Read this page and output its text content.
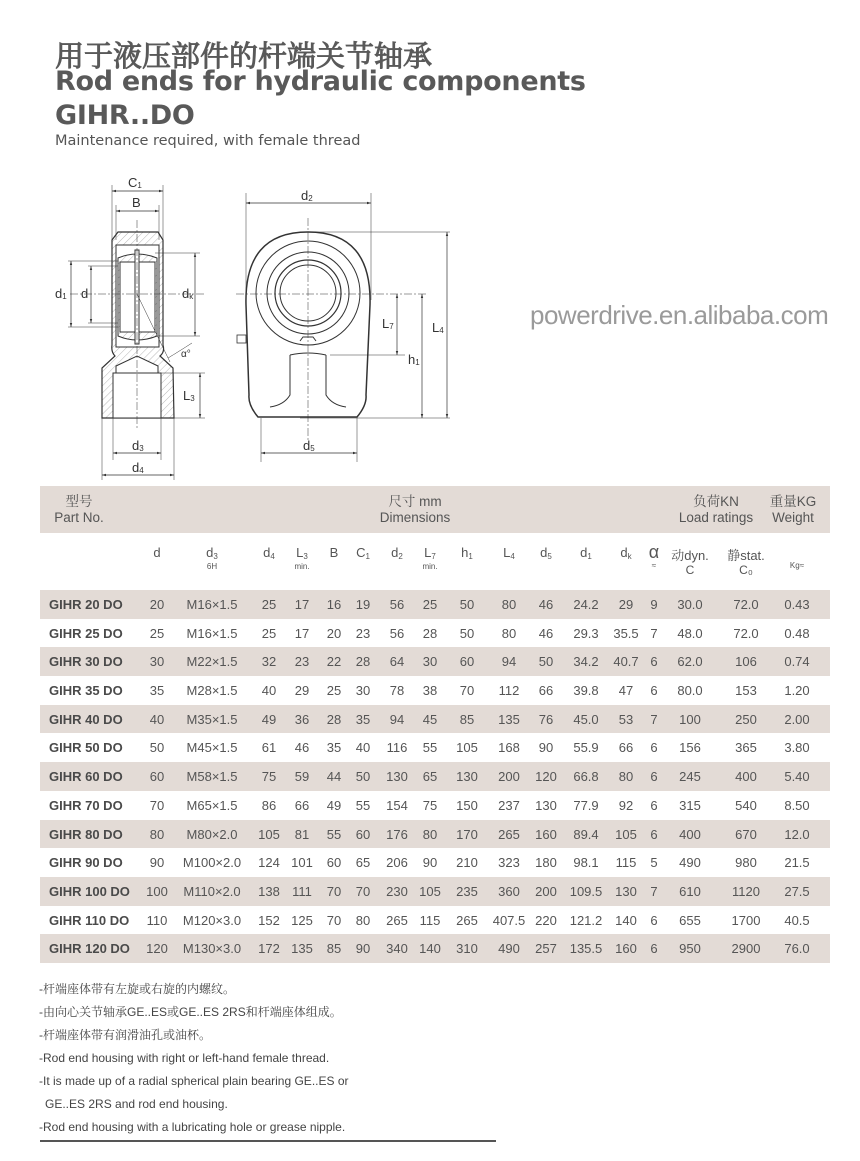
用于液压部件的杆端关节轴承
Rod ends for hydraulic components
GIHR..DO
Maintenance required, with female thread
C1
B
d1 d	dk
α°
L3
d3
d4
d2
L7	L4
h1
d5
powerdrive.en.alibaba.com
型号
Part No.
尺寸 mm
Dimensions
负荷KN
Load ratings
重量KG
Weight
d	d3
6H
d4 L3
min.
B C1 d2 L7
min.
h1 L4 d5 d1 dk α
≈
动dyn.
C
静stat.
C₀	Kg≈
GIHR 20 DO 20 M16×1.5 25 17 16 19 56 25 50 80 46 24.2 29 9 30.0 72.0 0.43
GIHR 25 DO 25 M16×1.5 25 17 20 23 56 28 50 80 46 29.3 35.5 7 48.0 72.0 0.48
GIHR 30 DO 30 M22×1.5 32 23 22 28 64 30 60 94 50 34.2 40.7 6 62.0 106 0.74
GIHR 35 DO 35 M28×1.5 40 29 25 30 78 38 70 112 66 39.8 47 6 80.0 153 1.20
GIHR 40 DO 40 M35×1.5 49 36 28 35 94 45 85 135 76 45.0 53 7 100	250 2.00
GIHR 50 DO 50 M45×1.5 61 46 35 40 116 55 105 168 90 55.9 66 6 156	365 3.80
GIHR 60 DO 60 M58×1.5 75 59 44 50 130 65 130 200 120 66.8 80 6 245	400 5.40
GIHR 70 DO 70 M65×1.5 86 66 49 55 154 75 150 237 130 77.9 92 6 315	540 8.50
GIHR 80 DO 80 M80×2.0 105 81 55 60 176 80 170 265 160 89.4 105 6 400	670 12.0
GIHR 90 DO 90 M100×2.0 124 101 60 65 206 90 210 323 180 98.1 115 5 490	980 21.5
GIHR 100 DO 100 M110×2.0 138 111 70 70 230 105 235 360 200 109.5 130 7 610 1120 27.5
GIHR 110 DO 110 M120×3.0 152 125 70 80 265 115 265 407.5 220 121.2 140 6 655 1700 40.5
GIHR 120 DO 120 M130×3.0 172 135 85 90 340 140 310 490 257 135.5 160 6 950 2900 76.0
-杆端座体带有左旋或右旋的内螺纹。
-由向心关节轴承GE..ES或GE..ES 2RS和杆端座体组成。
-杆端座体带有润滑油孔或油杯。
-Rod end housing with right or left-hand female thread.
-It is made up of a radial spherical plain bearing GE..ES or
GE..ES 2RS and rod end housing.
-Rod end housing with a lubricating hole or grease nipple.
